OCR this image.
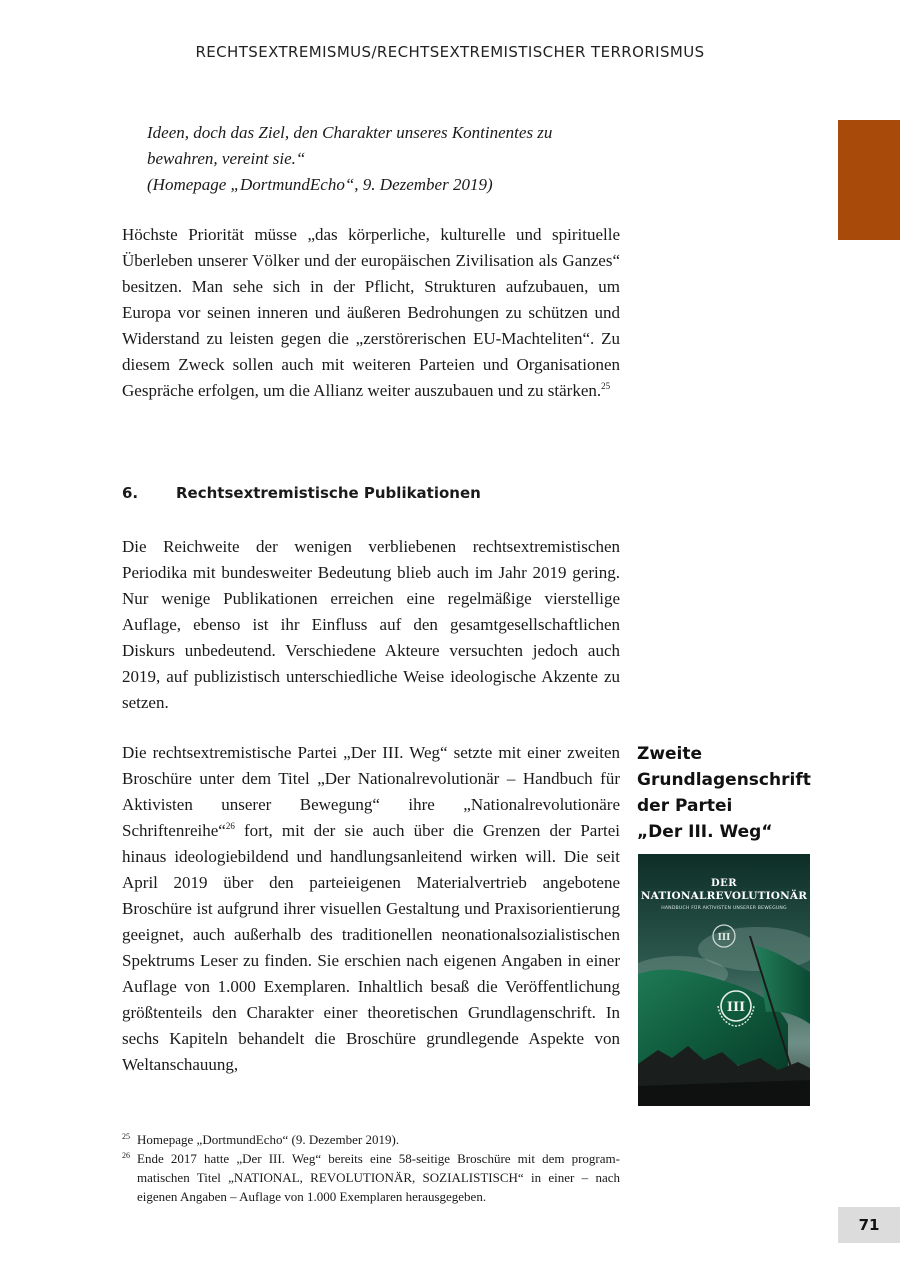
RECHTSEXTREMISMUS/RECHTSEXTREMISTISCHER TERRORISMUS
Ideen, doch das Ziel, den Charakter unseres Kontinentes zu
bewahren, vereint sie.“
(Homepage „DortmundEcho“, 9. Dezember 2019)

Höchste Priorität müsse „das körperliche, kulturelle und spirituelle Überleben unserer Völker und der europäischen Zivilisation als Ganzes“ besitzen. Man sehe sich in der Pflicht, Strukturen aufzubauen, um Europa vor seinen inneren und äußeren Bedrohungen zu schützen und Widerstand zu leisten gegen die „zerstörerischen EU-Machteliten“. Zu diesem Zweck sollen auch mit weiteren Parteien und Organisationen Gespräche erfolgen, um die Allianz weiter auszubauen und zu stärken.$^{25}$

6.	Rechtsextremistische Publikationen

Die Reichweite der wenigen verbliebenen rechtsextremistischen Periodika mit bundesweiter Bedeutung blieb auch im Jahr 2019 gering. Nur wenige Publikationen erreichen eine regelmäßige vierstellige Auflage, ebenso ist ihr Einfluss auf den gesamtgesellschaftlichen Diskurs unbedeutend. Verschiedene Akteure versuchten jedoch auch 2019, auf publizistisch unterschiedliche Weise ideologische Akzente zu setzen.

Die rechtsextremistische Partei „Der III. Weg“ setzte mit einer zweiten Broschüre unter dem Titel „Der Nationalrevolutionär – Handbuch für Aktivisten unserer Bewegung“ ihre „Nationalrevolutionäre Schriftenreihe“$^{26}$ fort, mit der sie auch über die Grenzen der Partei hinaus ideologiebildend und handlungsanleitend wirken will. Die seit April 2019 über den parteieigenen Materialvertrieb angebotene Broschüre ist aufgrund ihrer visuellen Gestaltung und Praxisorientierung geeignet, auch außerhalb des traditionellen neonationalsozialistischen Spektrums Leser zu finden. Sie erschien nach eigenen Angaben in einer Auflage von 1.000 Exemplaren. Inhaltlich besaß die Veröffentlichung größtenteils den Charakter einer theoretischen Grundlagenschrift. In sechs Kapiteln behandelt die Broschüre grundlegende Aspekte von Weltanschauung,

Zweite
Grundlagenschrift
der Partei
„Der III. Weg“
III
III
DER
NATIONALREVOLUTIONÄR
HANDBUCH FÜR AKTIVISTEN UNSERER BEWEGUNG
25 Homepage „DortmundEcho“ (9. Dezember 2019).
26 Ende 2017 hatte „Der III. Weg“ bereits eine 58-seitige Broschüre mit dem programmatischen Titel „NATIONAL, REVOLUTIONÄR, SOZIALISTISCH“ in einer – nach eigenen Angaben – Auflage von 1.000 Exemplaren herausgegeben.
71
